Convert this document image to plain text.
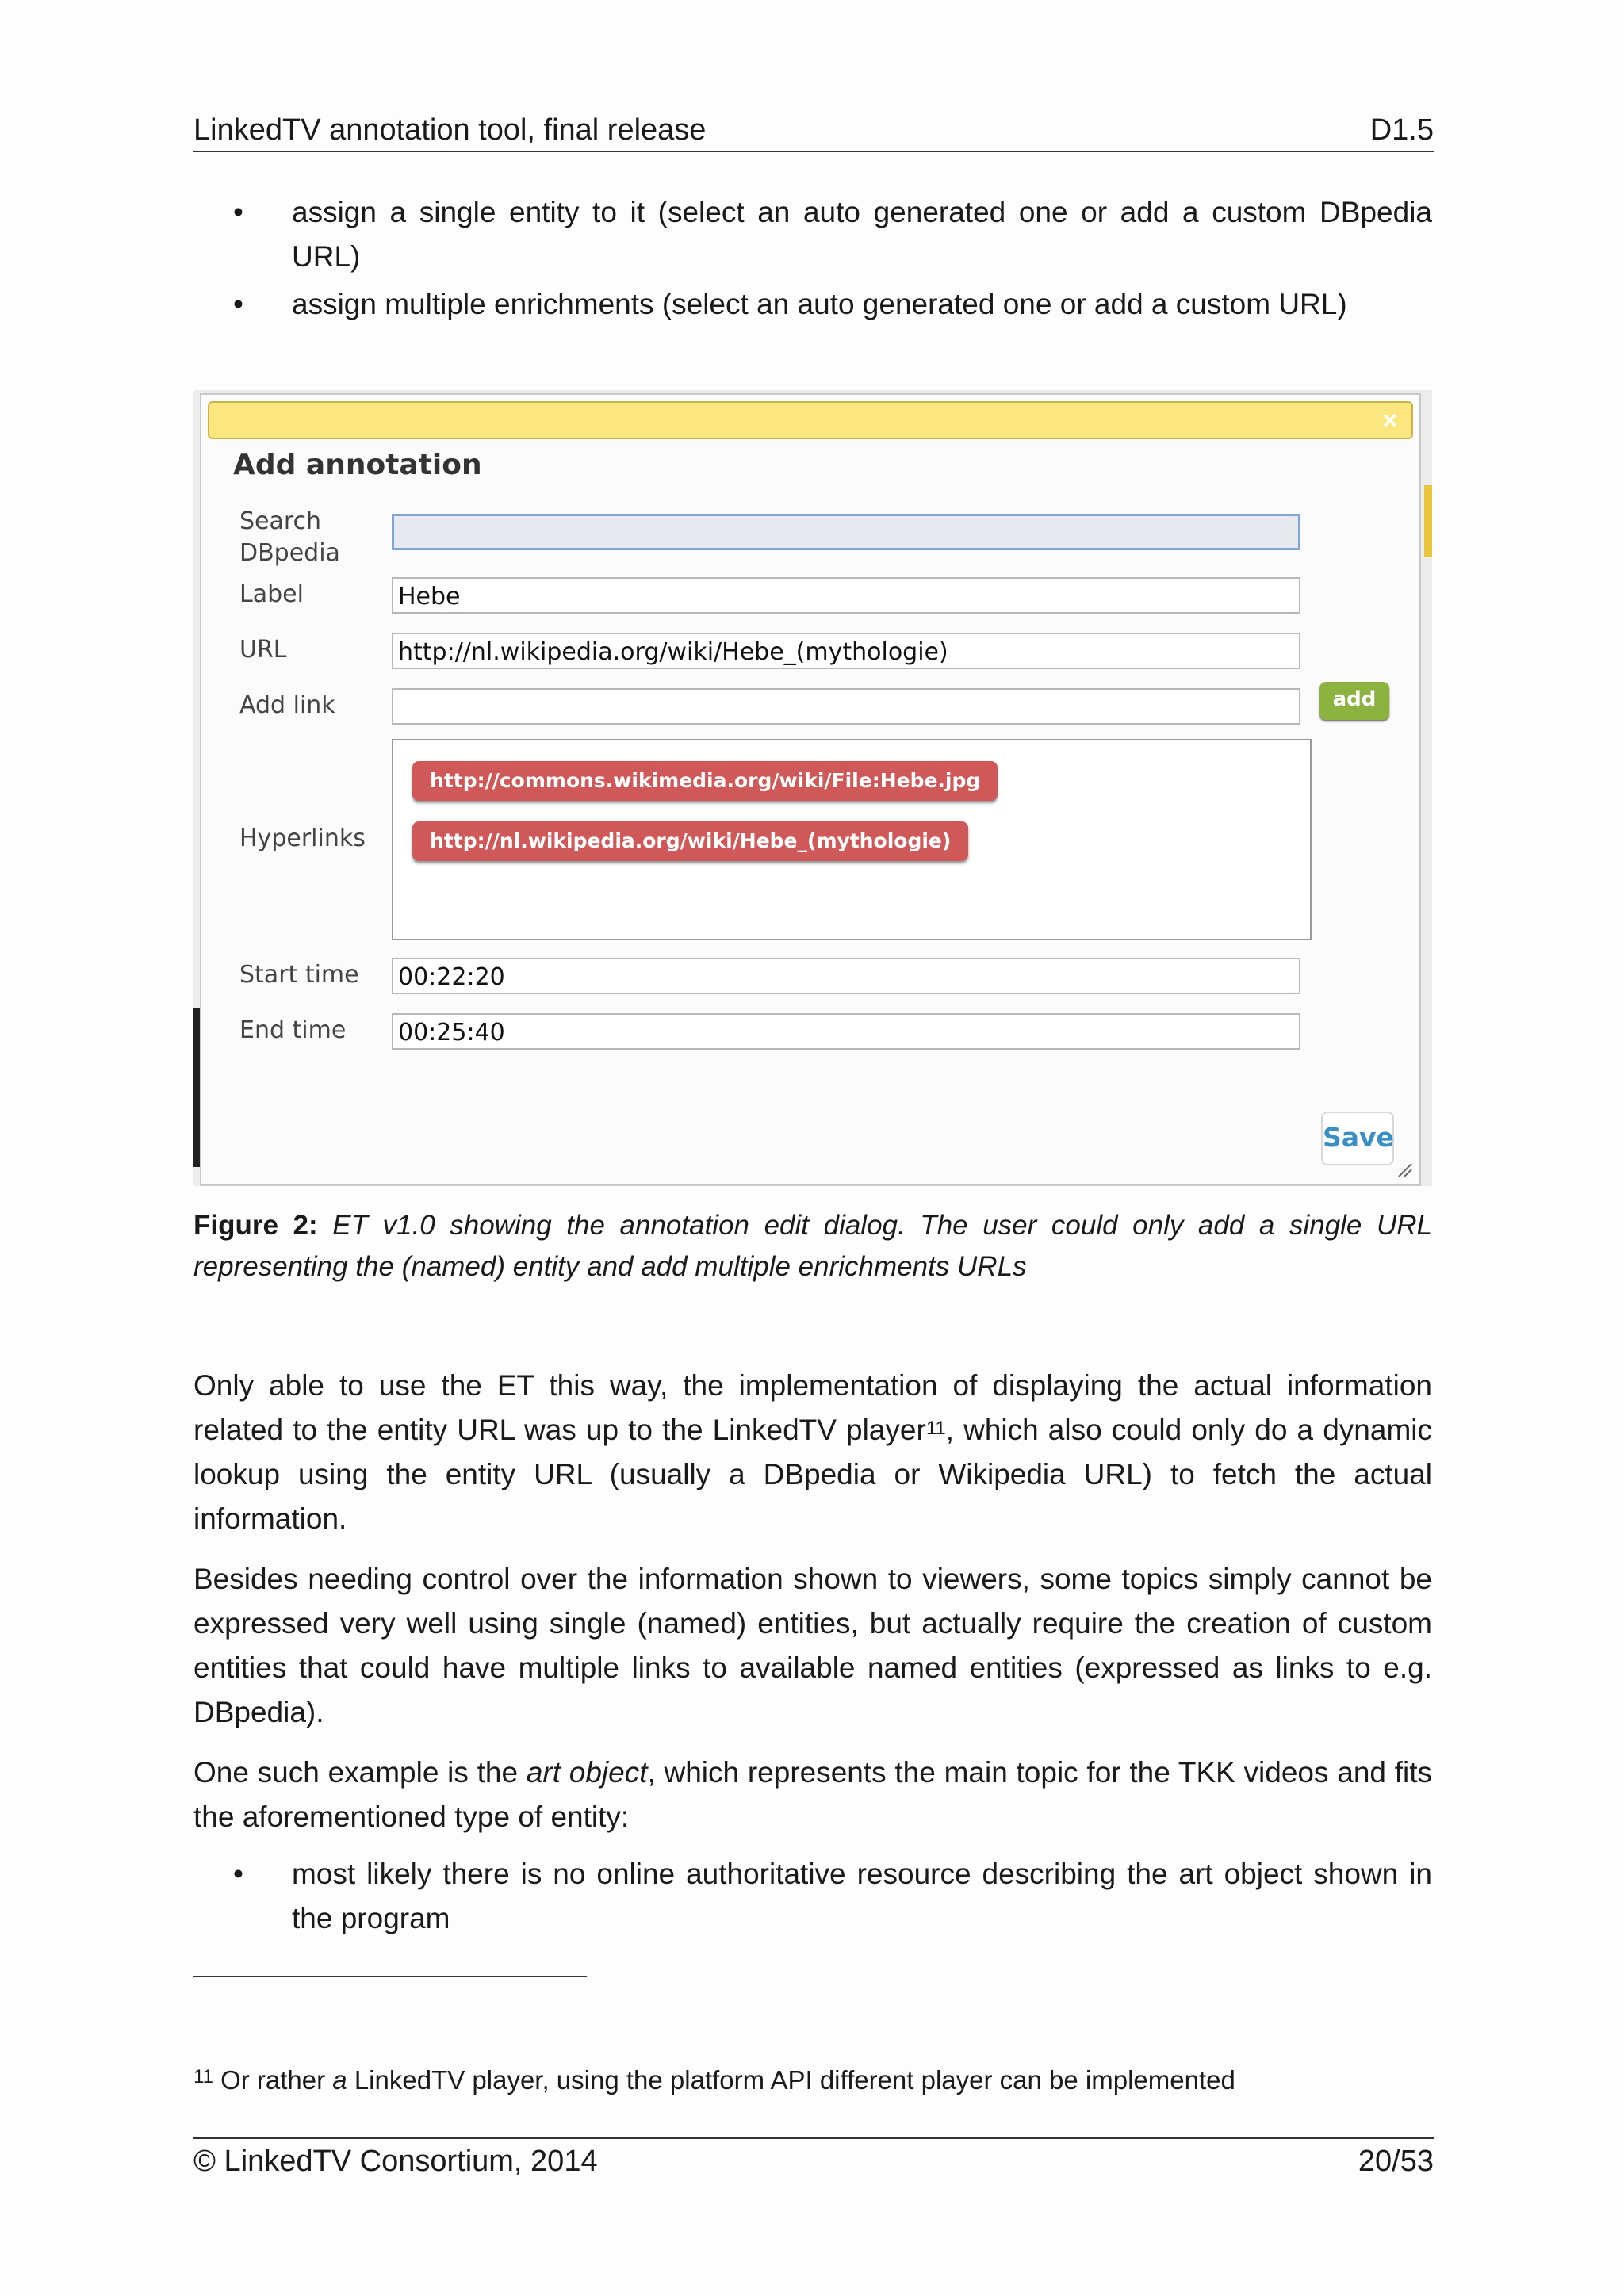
LinkedTV annotation tool, final release	D1.5
• assign a single entity to it (select an auto generated one or add a custom DBpedia URL)
• assign multiple enrichments (select an auto generated one or add a custom URL)
×
Add annotation
Search DBpedia
Label	Hebe
URL	http://nl.wikipedia.org/wiki/Hebe_(mythologie)
Add link	add
Hyperlinks
http://commons.wikimedia.org/wiki/File:Hebe.jpg
http://nl.wikipedia.org/wiki/Hebe_(mythologie)
Start time 00:22:20
End time 00:25:40
Save
Figure 2: ET v1.0 showing the annotation edit dialog. The user could only add a single URL representing the (named) entity and add multiple enrichments URLs
Only able to use the ET this way, the implementation of displaying the actual information related to the entity URL was up to the LinkedTV player$^{11}$, which also could only do a dynamic lookup using the entity URL (usually a DBpedia or Wikipedia URL) to fetch the actual information.
Besides needing control over the information shown to viewers, some topics simply cannot be expressed very well using single (named) entities, but actually require the creation of custom entities that could have multiple links to available named entities (expressed as links to e.g. DBpedia).
One such example is the art object, which represents the main topic for the TKK videos and fits the aforementioned type of entity:
• most likely there is no online authoritative resource describing the art object shown in the program
$^{11}$ Or rather a LinkedTV player, using the platform API different player can be implemented
© LinkedTV Consortium, 2014	20/53
